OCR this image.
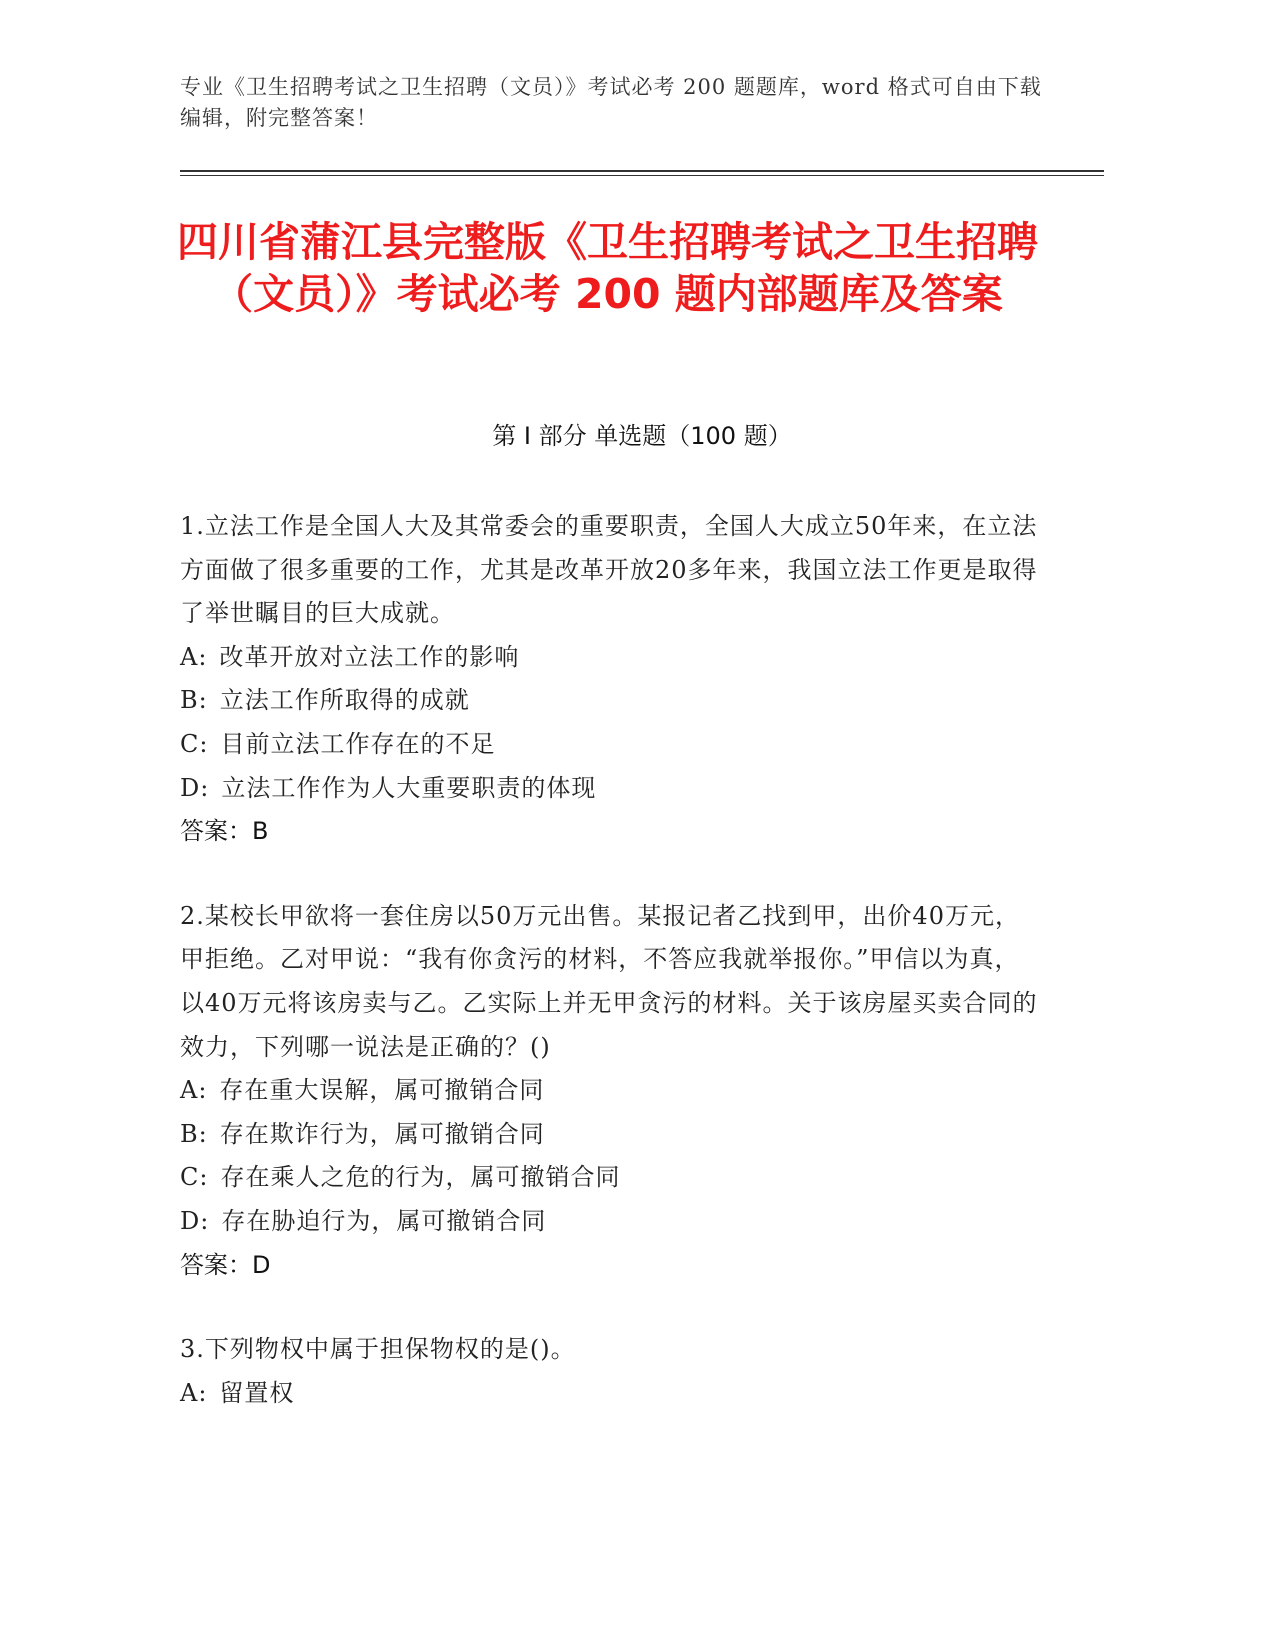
专业《卫生招聘考试之卫生招聘（文员）》考试必考 200 题题库，word 格式可自由下载编辑，附完整答案！
四川省蒲江县完整版《卫生招聘考试之卫生招聘（文员）》考试必考 200 题内部题库及答案
第 I 部分 单选题（100 题）
1.立法工作是全国人大及其常委会的重要职责，全国人大成立50年来，在立法方面做了很多重要的工作，尤其是改革开放20多年来，我国立法工作更是取得了举世瞩目的巨大成就。
A: 改革开放对立法工作的影响
B: 立法工作所取得的成就
C: 目前立法工作存在的不足
D: 立法工作作为人大重要职责的体现
答案：B
2.某校长甲欲将一套住房以50万元出售。某报记者乙找到甲，出价40万元，甲拒绝。乙对甲说：“我有你贪污的材料，不答应我就举报你。”甲信以为真，以40万元将该房卖与乙。乙实际上并无甲贪污的材料。关于该房屋买卖合同的效力，下列哪一说法是正确的？()
A: 存在重大误解，属可撤销合同
B: 存在欺诈行为，属可撤销合同
C: 存在乘人之危的行为，属可撤销合同
D: 存在胁迫行为，属可撤销合同
答案：D
3.下列物权中属于担保物权的是()。
A: 留置权
